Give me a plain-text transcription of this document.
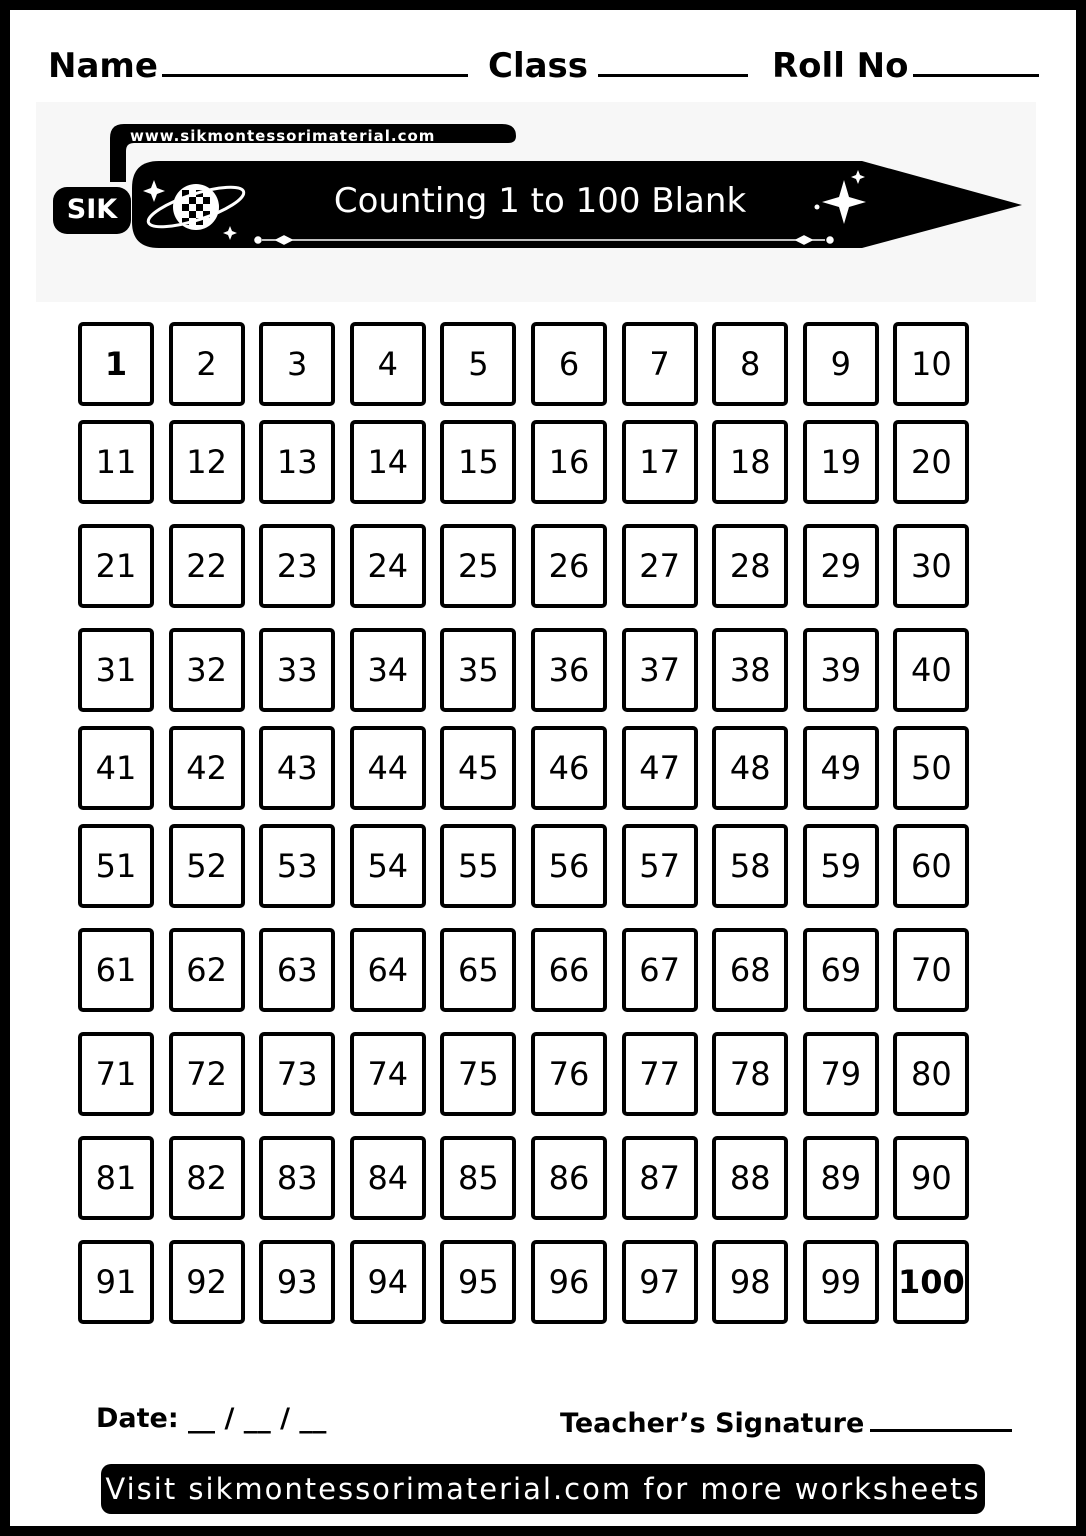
Name	Class	Roll No
www.sikmontessorimaterial.com
SIK	Counting 1 to 100 Blank
1	2	3	4	5	6	7	8	9	10
11	12	13	14	15	16	17	18	19	20
21	22	23	24	25	26	27	28	29	30
31	32	33	34	35	36	37	38	39	40
41	42	43	44	45	46	47	48	49	50
51	52	53	54	55	56	57	58	59	60
61	62	63	64	65	66	67	68	69	70
71	72	73	74	75	76	77	78	79	80
81	82	83	84	85	86	87	88	89	90
91	92	93	94	95	96	97	98	99	100
Date: __ / __ / __	Teacher’s Signature
Visit sikmontessorimaterial.com for more worksheets
